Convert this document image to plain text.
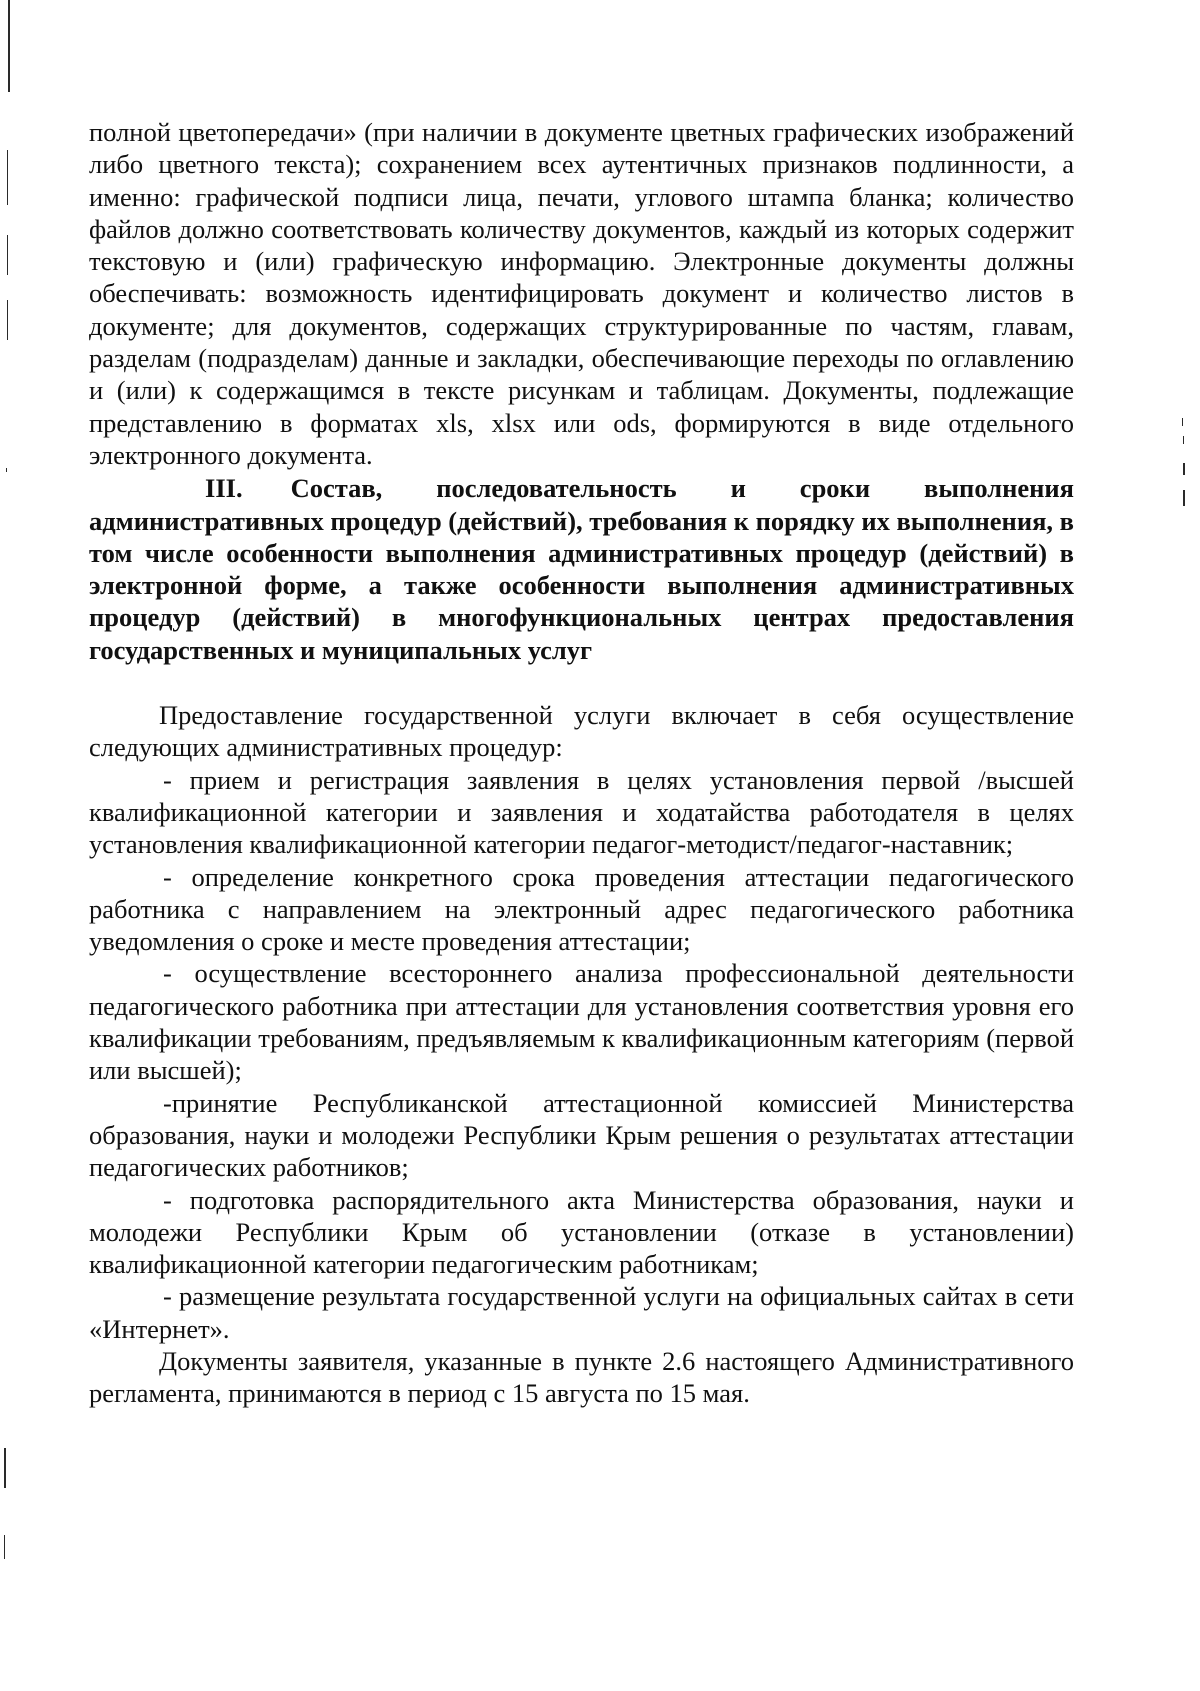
полной цветопередачи» (при наличии в документе цветных графических изображений либо цветного текста); сохранением всех аутентичных признаков подлинности, а именно: графической подписи лица, печати, углового штампа бланка; количество файлов должно соответствовать количеству документов, каждый из которых содержит текстовую и (или) графическую информацию. Электронные документы должны обеспечивать: возможность идентифицировать документ и количество листов в документе; для документов, содержащих структурированные по частям, главам, разделам (подразделам) данные и закладки, обеспечивающие переходы по оглавлению и (или) к содержащимся в тексте рисункам и таблицам. Документы, подлежащие представлению в форматах xls, xlsx или ods, формируются в виде отдельного электронного документа.

III. Состав, последовательность и сроки выполнения административных процедур (действий), требования к порядку их выполнения, в том числе особенности выполнения административных процедур (действий) в электронной форме, а также особенности выполнения административных процедур (действий) в многофункциональных центрах предоставления государственных и муниципальных услуг

Предоставление государственной услуги включает в себя осуществление следующих административных процедур:

- прием и регистрация заявления в целях установления первой /высшей квалификационной категории и заявления и ходатайства работодателя в целях установления квалификационной категории педагог-методист/педагог-наставник;

- определение конкретного срока проведения аттестации педагогического работника с направлением на электронный адрес педагогического работника уведомления о сроке и месте проведения аттестации;

- осуществление всестороннего анализа профессиональной деятельности педагогического работника при аттестации для установления соответствия уровня его квалификации требованиям, предъявляемым к квалификационным категориям (первой или высшей);

-принятие Республиканской аттестационной комиссией Министерства образования, науки и молодежи Республики Крым решения о результатах аттестации педагогических работников;

- подготовка распорядительного акта Министерства образования, науки и молодежи Республики Крым об установлении (отказе в установлении) квалификационной категории педагогическим работникам;

- размещение результата государственной услуги на официальных сайтах в сети «Интернет».

Документы заявителя, указанные в пункте 2.6 настоящего Административного регламента, принимаются в период с 15 августа по 15 мая.
